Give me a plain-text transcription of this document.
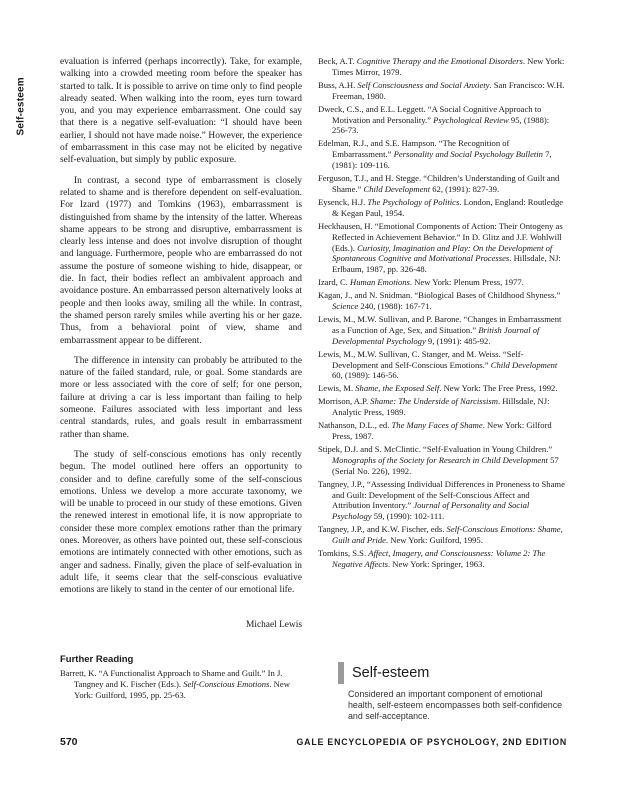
Self-esteem

evaluation is inferred (perhaps incorrectly). Take, for example, walking into a crowded meeting room before the speaker has started to talk. It is possible to arrive on time only to find people already seated. When walking into the room, eyes turn toward you, and you may experience embarrassment. One could say that there is a negative self-evaluation: “I should have been earlier, I should not have made noise.” However, the experience of embarrassment in this case may not be elicited by negative self-evaluation, but simply by public exposure.

In contrast, a second type of embarrassment is closely related to shame and is therefore dependent on self-evaluation. For Izard (1977) and Tomkins (1963), embarrassment is distinguished from shame by the intensity of the latter. Whereas shame appears to be strong and disruptive, embarrassment is clearly less intense and does not involve disruption of thought and language. Furthermore, people who are embarrassed do not assume the posture of someone wishing to hide, disappear, or die. In fact, their bodies reflect an ambivalent approach and avoidance posture. An embarrassed person alternatively looks at people and then looks away, smiling all the while. In contrast, the shamed person rarely smiles while averting his or her gaze. Thus, from a behavioral point of view, shame and embarrassment appear to be different.

The difference in intensity can probably be attributed to the nature of the failed standard, rule, or goal. Some standards are more or less associated with the core of self; for one person, failure at driving a car is less important than failing to help someone. Failures associated with less important and less central standards, rules, and goals result in embarrassment rather than shame.

The study of self-conscious emotions has only recently begun. The model outlined here offers an opportunity to consider and to define carefully some of the self-conscious emotions. Unless we develop a more accurate taxonomy, we will be unable to proceed in our study of these emotions. Given the renewed interest in emotional life, it is now appropriate to consider these more complex emotions rather than the primary ones. Moreover, as others have pointed out, these self-conscious emotions are intimately connected with other emotions, such as anger and sadness. Finally, given the place of self-evaluation in adult life, it seems clear that the self-conscious evaluative emotions are likely to stand in the center of our emotional life.

Michael Lewis
Further Reading

Barrett, K. “A Functionalist Approach to Shame and Guilt.” In J. Tangney and K. Fischer (Eds.). Self-Conscious Emotions. New York: Guilford, 1995, pp. 25-63.

Beck, A.T. Cognitive Therapy and the Emotional Disorders. New York: Times Mirror, 1979.

Buss, A.H. Self Consciousness and Social Anxiety. San Francisco: W.H. Freeman, 1980.

Dweck, C.S., and E.L. Leggett. “A Social Cognitive Approach to Motivation and Personality.” Psychological Review 95, (1988): 256-73.

Edelman, R.J., and S.E. Hampson. “The Recognition of Embarrassment.” Personality and Social Psychology Bulletin 7, (1981): 109-116.

Ferguson, T.J., and H. Stegge. “Children’s Understanding of Guilt and Shame.” Child Development 62, (1991): 827-39.

Eysenck, H.J. The Psychology of Politics. London, England: Routledge & Kegan Paul, 1954.

Heckhausen, H. “Emotional Components of Action: Their Ontogeny as Reflected in Achievement Behavior.” In D. Glitz and J.F. Wohlwill (Eds.). Curiosity, Imagination and Play: On the Development of Spontaneous Cognitive and Motivational Processes. Hillsdale, NJ: Erlbaum, 1987, pp. 326-48.

Izard, C. Human Emotions. New York: Plenum Press, 1977.

Kagan, J., and N. Snidman. “Biological Bases of Childhood Shyness.” Science 240, (1988): 167-71.

Lewis, M., M.W. Sullivan, and P. Barone. “Changes in Embarrassment as a Function of Age, Sex, and Situation.” British Journal of Developmental Psychology 9, (1991): 485-92.

Lewis, M., M.W. Sullivan, C. Stanger, and M. Weiss. “Self-Development and Self-Conscious Emotions.” Child Development 60, (1989): 146-56.

Lewis, M. Shame, the Exposed Self. New York: The Free Press, 1992.

Morrison, A.P. Shame: The Underside of Narcissism. Hillsdale, NJ: Analytic Press, 1989.

Nathanson, D.L., ed. The Many Faces of Shame. New York: Gilford Press, 1987.

Stipek, D.J. and S. McClintic. “Self-Evaluation in Young Children.” Monographs of the Society for Research in Child Development 57 (Serial No. 226), 1992.

Tangney, J.P., “Assessing Individual Differences in Proneness to Shame and Guilt: Development of the Self-Conscious Affect and Attribution Inventory.” Journal of Personality and Social Psychology 59, (1990): 102-111.

Tangney, J.P., and K.W. Fischer, eds. Self-Conscious Emotions: Shame, Guilt and Pride. New York: Guilford, 1995.

Tomkins, S.S. Affect, Imagery, and Consciousness: Volume 2: The Negative Affects. New York: Springer, 1963.

Self-esteem
Considered an important component of emotional health, self-esteem encompasses both self-confidence and self-acceptance.
570	GALE ENCYCLOPEDIA OF PSYCHOLOGY, 2ND EDITION
